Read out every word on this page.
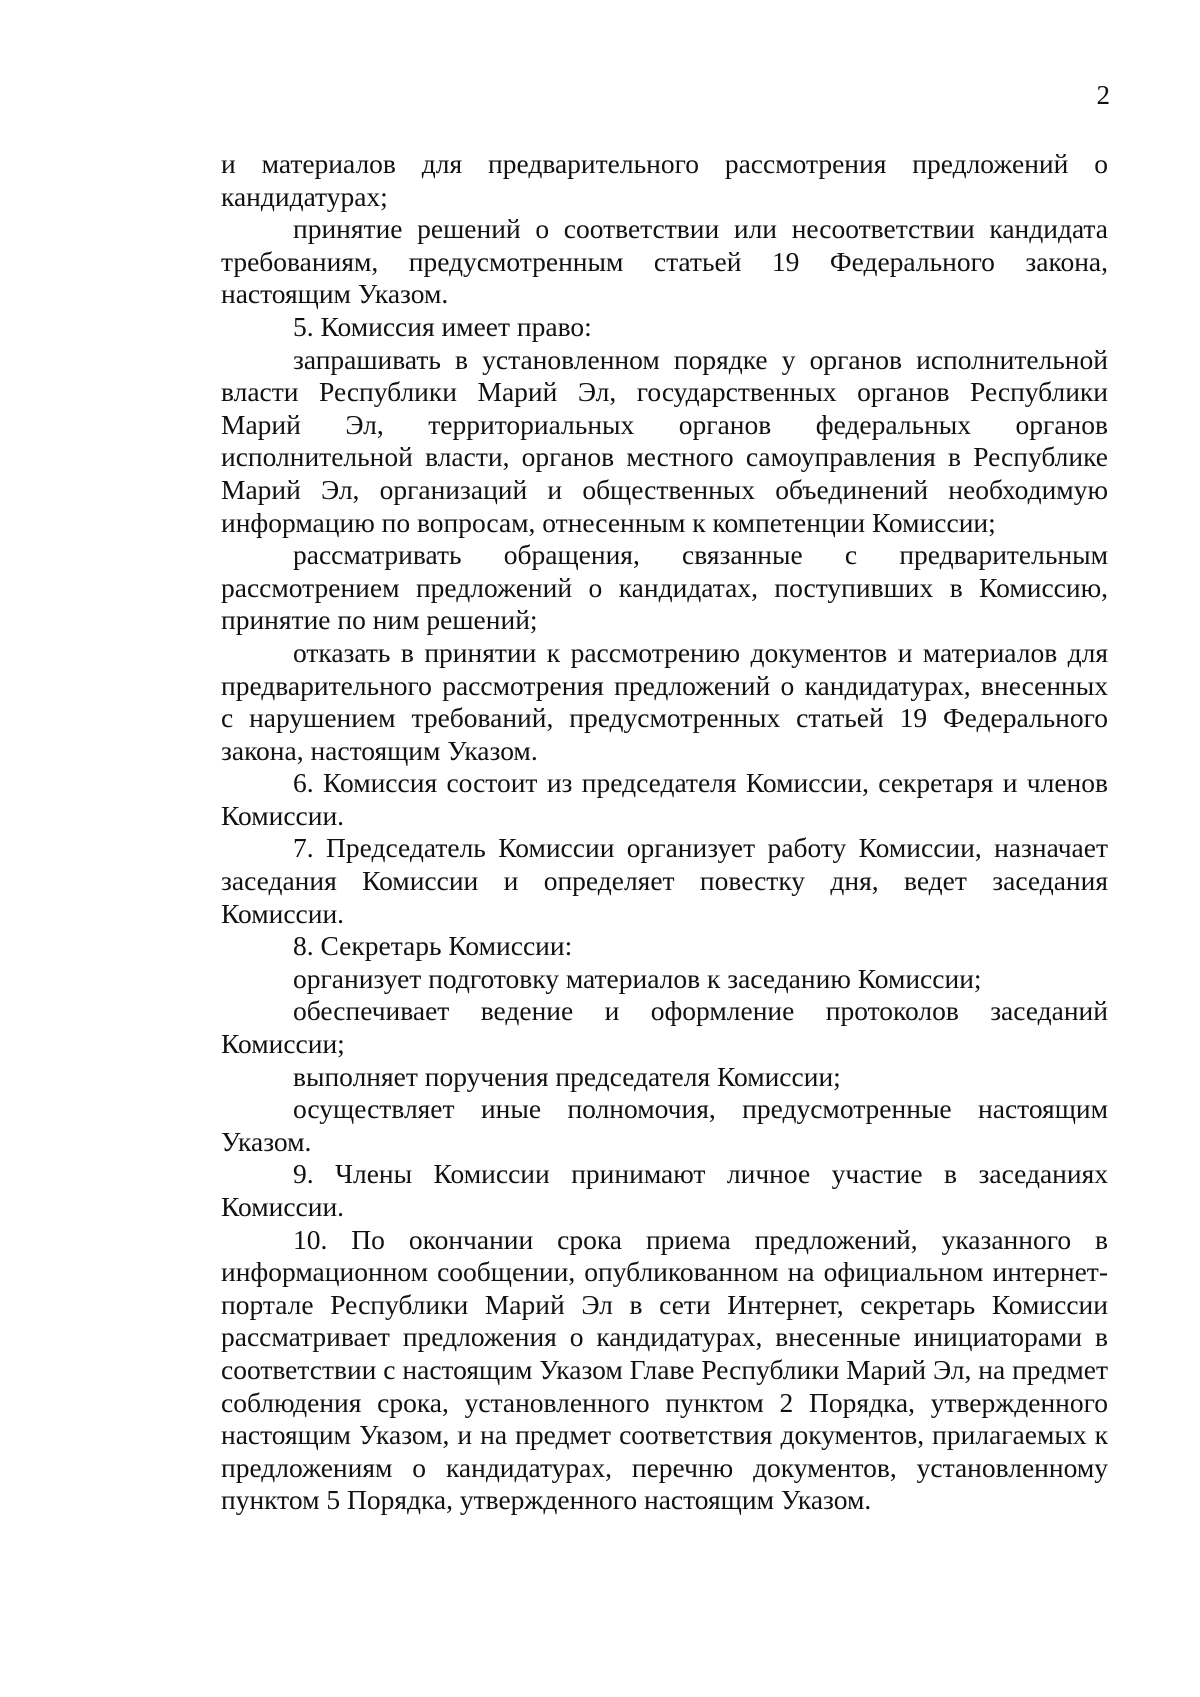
2

и материалов для предварительного рассмотрения предложений о кандидатурах;

принятие решений о соответствии или несоответствии кандидата требованиям, предусмотренным статьей 19 Федерального закона, настоящим Указом.

5. Комиссия имеет право:

запрашивать в установленном порядке у органов исполнительной власти Республики Марий Эл, государственных органов Республики Марий Эл, территориальных органов федеральных органов исполнительной власти, органов местного самоуправления в Республике Марий Эл, организаций и общественных объединений необходимую информацию по вопросам, отнесенным к компетенции Комиссии;

рассматривать обращения, связанные с предварительным рассмотрением предложений о кандидатах, поступивших в Комиссию, принятие по ним решений;

отказать в принятии к рассмотрению документов и материалов для предварительного рассмотрения предложений о кандидатурах, внесенных с нарушением требований, предусмотренных статьей 19 Федерального закона, настоящим Указом.

6. Комиссия состоит из председателя Комиссии, секретаря и членов Комиссии.

7. Председатель Комиссии организует работу Комиссии, назначает заседания Комиссии и определяет повестку дня, ведет заседания Комиссии.

8. Секретарь Комиссии:

организует подготовку материалов к заседанию Комиссии;

обеспечивает ведение и оформление протоколов заседаний Комиссии;

выполняет поручения председателя Комиссии;

осуществляет иные полномочия, предусмотренные настоящим Указом.

9. Члены Комиссии принимают личное участие в заседаниях Комиссии.

10. По окончании срока приема предложений, указанного в информационном сообщении, опубликованном на официальном интернет-портале Республики Марий Эл в сети Интернет, секретарь Комиссии рассматривает предложения о кандидатурах, внесенные инициаторами в соответствии с настоящим Указом Главе Республики Марий Эл, на предмет соблюдения срока, установленного пунктом 2 Порядка, утвержденного настоящим Указом, и на предмет соответствия документов, прилагаемых к предложениям о кандидатурах, перечню документов, установленному пунктом 5 Порядка, утвержденного настоящим Указом.
